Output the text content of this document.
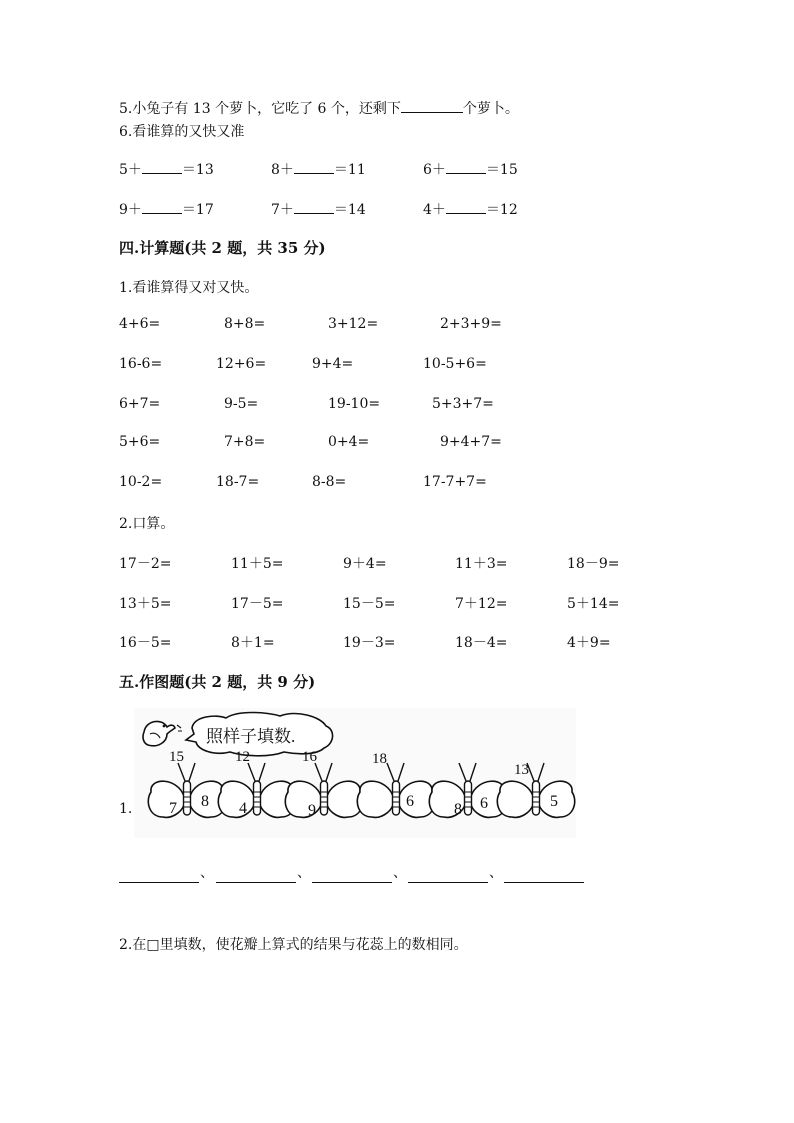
5.小兔子有 13 个萝卜，它吃了 6 个，还剩下	个萝卜。
6.看谁算的又快又准
5＋	＝13	8＋	＝11	6＋	＝15
9＋	＝17	7＋	＝14	4＋	＝12
四.计算题(共 2 题，共 35 分)
1.看谁算得又对又快。
4+6=	8+8=	3+12=	2+3+9=
16-6=	12+6=	9+4=	10-5+6=
6+7=	9-5=	19-10=	5+3+7=
5+6=	7+8=	0+4=	9+4+7=
10-2=	18-7=	8-8=	17-7+7=
2.口算。
17－2=	11＋5=	9＋4=	11＋3=	18－9=
13＋5=	17－5=	15－5=	7＋12=	5＋14=
16－5=	8＋1=	19－3=	18－4=	4＋9=
五.作图题(共 2 题，共 9 分)
1.
照样子填数.
15
7 8
12
4
16
9
18
6	8 6
13
5
、	、	、	、
2.在□里填数，使花瓣上算式的结果与花蕊上的数相同。
